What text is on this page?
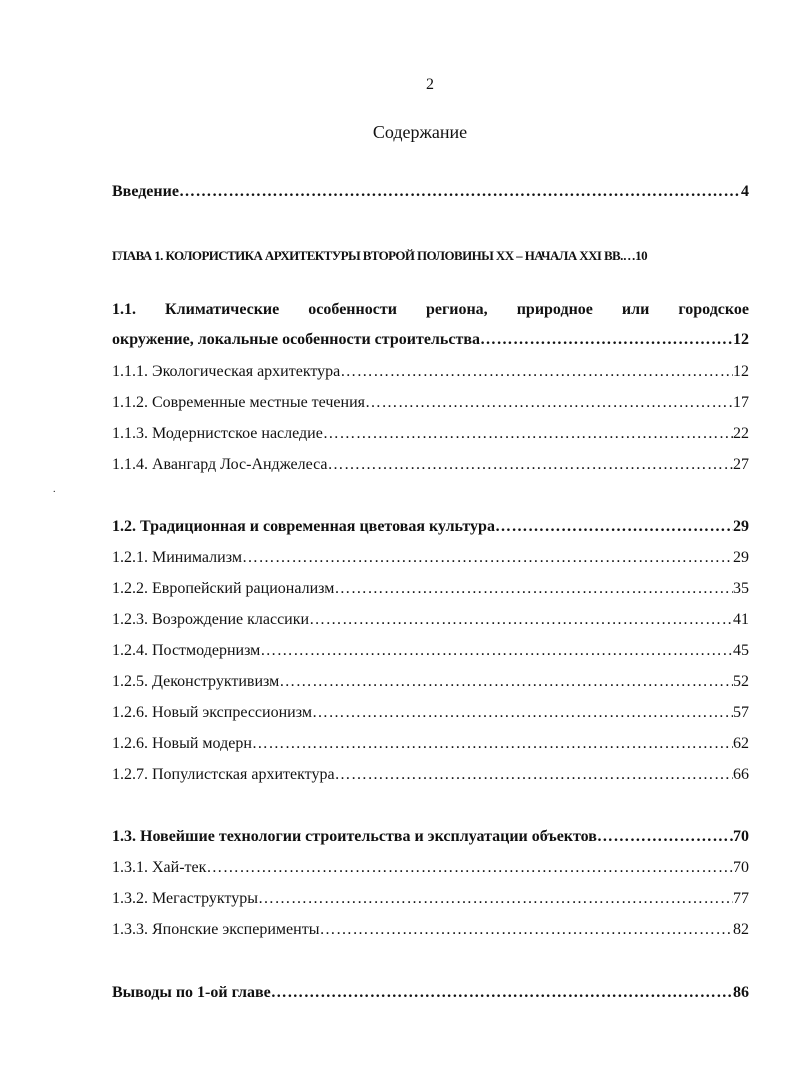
2
Содержание
Введение ……………………………………………………………………………………………………………………………………	4
ГЛАВА 1. КОЛОРИСТИКА АРХИТЕКТУРЫ ВТОРОЙ ПОЛОВИНЫ XX – НАЧАЛА XXI ВВ. …10
1.1. Климатические особенности региона, природное или городское
окружение, локальные особенности строительства ……………………………………………………………………………………………………………………………………	12
1.1.1. Экологическая архитектура ……………………………………………………………………………………………………………………………………	12
1.1.2. Современные местные течения ……………………………………………………………………………………………………………………………………	17
1.1.3. Модернистское наследие ……………………………………………………………………………………………………………………………………	22
1.1.4. Авангард Лос-Анджелеса ……………………………………………………………………………………………………………………………………	27
.
1.2. Традиционная и современная цветовая культура ……………………………………………………………………………………………………………………………………	29
1.2.1. Минимализм ……………………………………………………………………………………………………………………………………	29
1.2.2. Европейский рационализм ……………………………………………………………………………………………………………………………………	35
1.2.3. Возрождение классики ……………………………………………………………………………………………………………………………………	41
1.2.4. Постмодернизм ……………………………………………………………………………………………………………………………………	45
1.2.5. Деконструктивизм ……………………………………………………………………………………………………………………………………	52
1.2.6. Новый экспрессионизм ……………………………………………………………………………………………………………………………………	57
1.2.6. Новый модерн ……………………………………………………………………………………………………………………………………	62
1.2.7. Популистская архитектура ……………………………………………………………………………………………………………………………………	66
1.3. Новейшие технологии строительства и эксплуатации объектов ……………………………………………………………………………………………………………………………………	70
1.3.1. Хай-тек ……………………………………………………………………………………………………………………………………	70
1.3.2. Мегаструктуры ……………………………………………………………………………………………………………………………………	77
1.3.3. Японские эксперименты ……………………………………………………………………………………………………………………………………	82
Выводы по 1-ой главе ……………………………………………………………………………………………………………………………………	86
